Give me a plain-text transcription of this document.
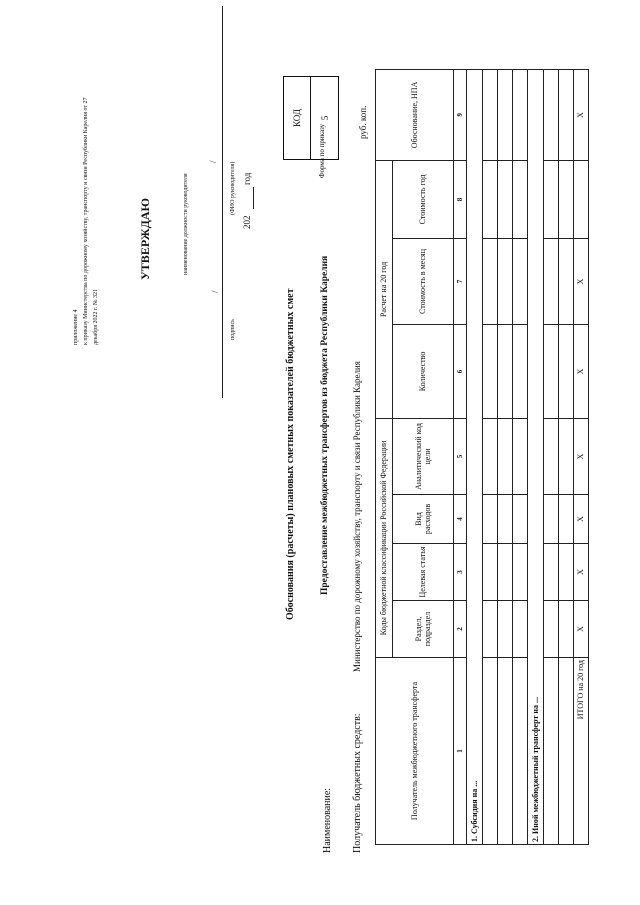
приложение 4 к приказу Министерства по дорожному хозяйству, транспорту и связи Республики Карелия от 27 декабря 2022 г. № 321
УТВЕРЖДАЮ	наименование должности руководителя
/
/
подпись
(ФИО руководителя)
202
год
Обоснования (расчеты) плановых сметных показателей бюджетных смет
КОД	5
Форма по приказу
Наименование:
Предоставление межбюджетных трансфертов из бюджета Республики Карелия
Получатель бюджетных средств:
Министерство по дорожному хозяйству, транспорту и связи Республики Карелия
руб. коп.
Получатель межбюджетного трансферта	Коды бюджетной классификации Российской Федерации				Расчет на 20 год			Обоснование, НПА
	Раздел, подраздел	Целевая статья	Вид расходов	Аналитический код цели	Количество	Стоимость в месяц	Стоимость год	
1	2	3	4	5	6	7	8	9
1. Субсидия на ...								

2. Иной межбюджетный трансферт на ...								

ИТОГО на 20 год	X	X	X	X	X	X		X
